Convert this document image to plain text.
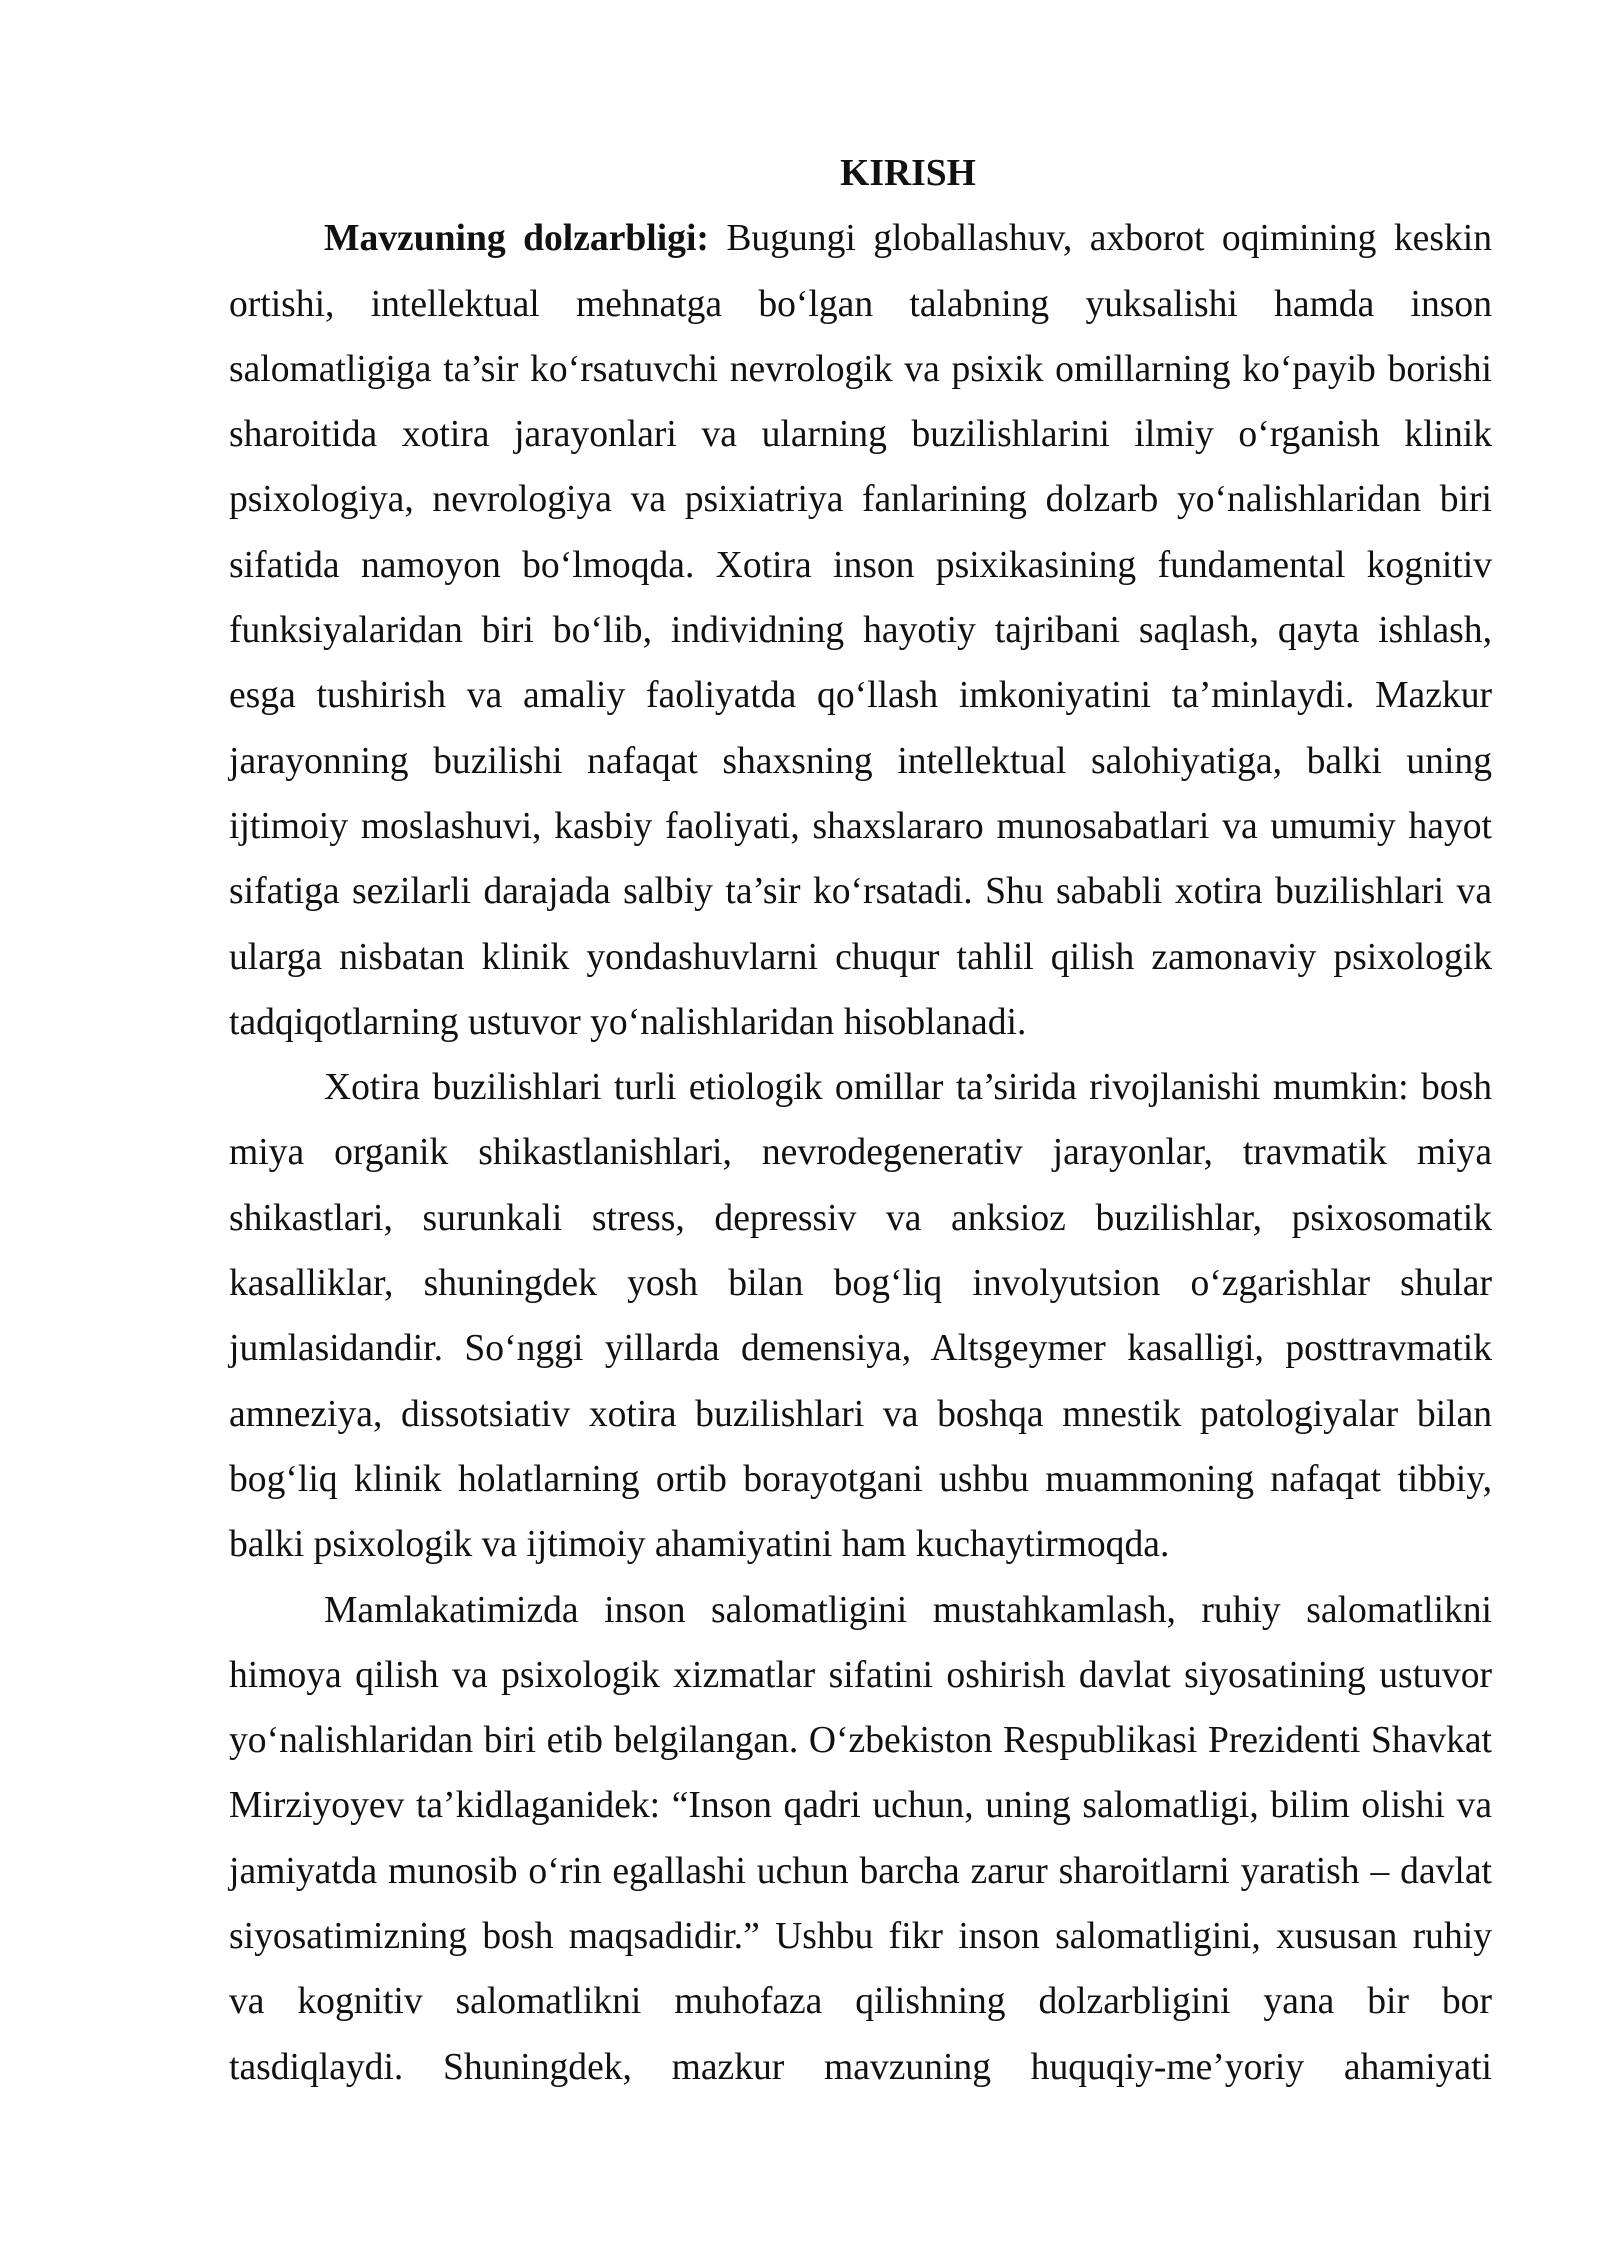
KIRISH
Mavzuning dolzarbligi: Bugungi globallashuv, axborot oqimining keskin
ortishi, intellektual mehnatga bo‘lgan talabning yuksalishi hamda inson
salomatligiga ta’sir ko‘rsatuvchi nevrologik va psixik omillarning ko‘payib borishi
sharoitida xotira jarayonlari va ularning buzilishlarini ilmiy o‘rganish klinik
psixologiya, nevrologiya va psixiatriya fanlarining dolzarb yo‘nalishlaridan biri
sifatida namoyon bo‘lmoqda. Xotira inson psixikasining fundamental kognitiv
funksiyalaridan biri bo‘lib, individning hayotiy tajribani saqlash, qayta ishlash,
esga tushirish va amaliy faoliyatda qo‘llash imkoniyatini ta’minlaydi. Mazkur
jarayonning buzilishi nafaqat shaxsning intellektual salohiyatiga, balki uning
ijtimoiy moslashuvi, kasbiy faoliyati, shaxslararo munosabatlari va umumiy hayot
sifatiga sezilarli darajada salbiy ta’sir ko‘rsatadi. Shu sababli xotira buzilishlari va
ularga nisbatan klinik yondashuvlarni chuqur tahlil qilish zamonaviy psixologik
tadqiqotlarning ustuvor yo‘nalishlaridan hisoblanadi.
Xotira buzilishlari turli etiologik omillar ta’sirida rivojlanishi mumkin: bosh
miya organik shikastlanishlari, nevrodegenerativ jarayonlar, travmatik miya
shikastlari, surunkali stress, depressiv va anksioz buzilishlar, psixosomatik
kasalliklar, shuningdek yosh bilan bog‘liq involyutsion o‘zgarishlar shular
jumlasidandir. So‘nggi yillarda demensiya, Altsgeymer kasalligi, posttravmatik
amneziya, dissotsiativ xotira buzilishlari va boshqa mnestik patologiyalar bilan
bog‘liq klinik holatlarning ortib borayotgani ushbu muammoning nafaqat tibbiy,
balki psixologik va ijtimoiy ahamiyatini ham kuchaytirmoqda.
Mamlakatimizda inson salomatligini mustahkamlash, ruhiy salomatlikni
himoya qilish va psixologik xizmatlar sifatini oshirish davlat siyosatining ustuvor
yo‘nalishlaridan biri etib belgilangan. O‘zbekiston Respublikasi Prezidenti Shavkat
Mirziyoyev ta’kidlaganidek: “Inson qadri uchun, uning salomatligi, bilim olishi va
jamiyatda munosib o‘rin egallashi uchun barcha zarur sharoitlarni yaratish – davlat
siyosatimizning bosh maqsadidir.” Ushbu fikr inson salomatligini, xususan ruhiy
va kognitiv salomatlikni muhofaza qilishning dolzarbligini yana bir bor
tasdiqlaydi. Shuningdek, mazkur mavzuning huquqiy-me’yoriy ahamiyati
